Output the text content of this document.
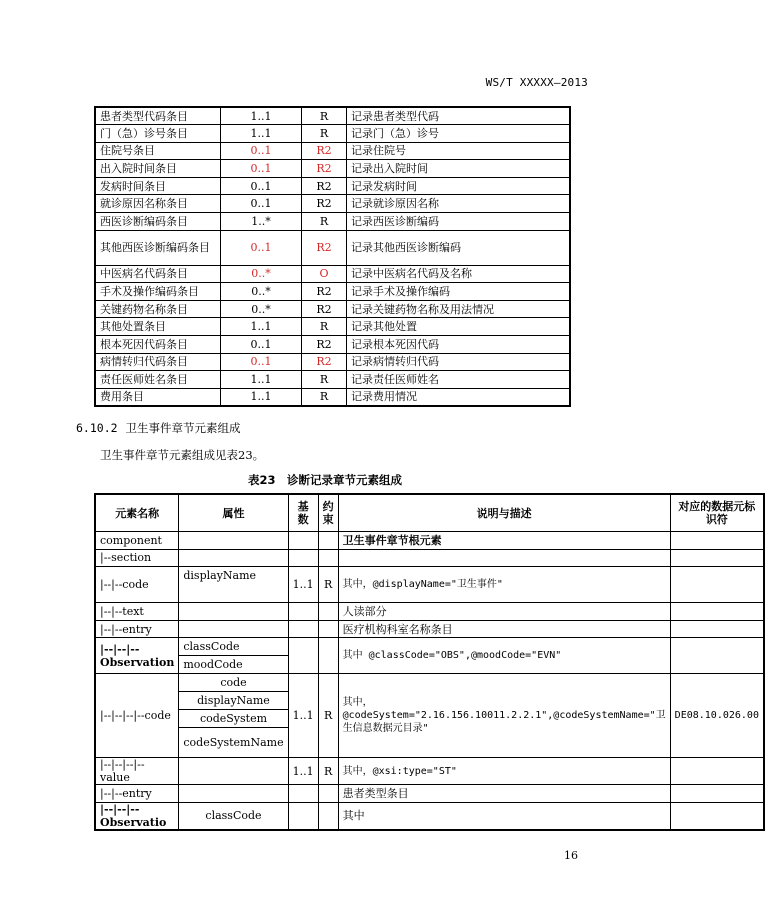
WS/T XXXXX—2013
患者类型代码条目	1..1	R	记录患者类型代码
门（急）诊号条目	1..1	R	记录门（急）诊号
住院号条目	0..1	R2	记录住院号
出入院时间条目	0..1	R2	记录出入院时间
发病时间条目	0..1	R2	记录发病时间
就诊原因名称条目	0..1	R2	记录就诊原因名称
西医诊断编码条目	1..*	R	记录西医诊断编码
其他西医诊断编码条目	0..1	R2	记录其他西医诊断编码
中医病名代码条目	0..*	O	记录中医病名代码及名称
手术及操作编码条目	0..*	R2	记录手术及操作编码
关键药物名称条目	0..*	R2	记录关键药物名称及用法情况
其他处置条目	1..1	R	记录其他处置
根本死因代码条目	0..1	R2	记录根本死因代码
病情转归代码条目	0..1	R2	记录病情转归代码
责任医师姓名条目	1..1	R	记录责任医师姓名
费用条目	1..1	R	记录费用情况
6.10.2 卫生事件章节元素组成
卫生事件章节元素组成见表23。
表23　诊断记录章节元素组成
元素名称	属性	基数	约束	说明与描述	对应的数据元标识符
component				卫生事件章节根元素	
|--section					
|--|--code	displayName	1..1	R	其中，@displayName="卫生事件"	
|--|--text				人读部分	
|--|--entry				医疗机构科室名称条目	
|--|--|--Observation	classCode			其中 @classCode="OBS",@moodCode="EVN"	
	moodCode				
|--|--|--|--code	code	1..1	R	其中，@codeSystem="2.16.156.10011.2.2.1",@codeSystemName="卫生信息数据元目录"	DE08.10.026.00
	displayName				
	codeSystem				
	codeSystemName				
|--|--|--|--value		1..1	R	其中，@xsi:type="ST"	
|--|--entry				患者类型条目	
|--|--|--Observatio	classCode			其中	
16
